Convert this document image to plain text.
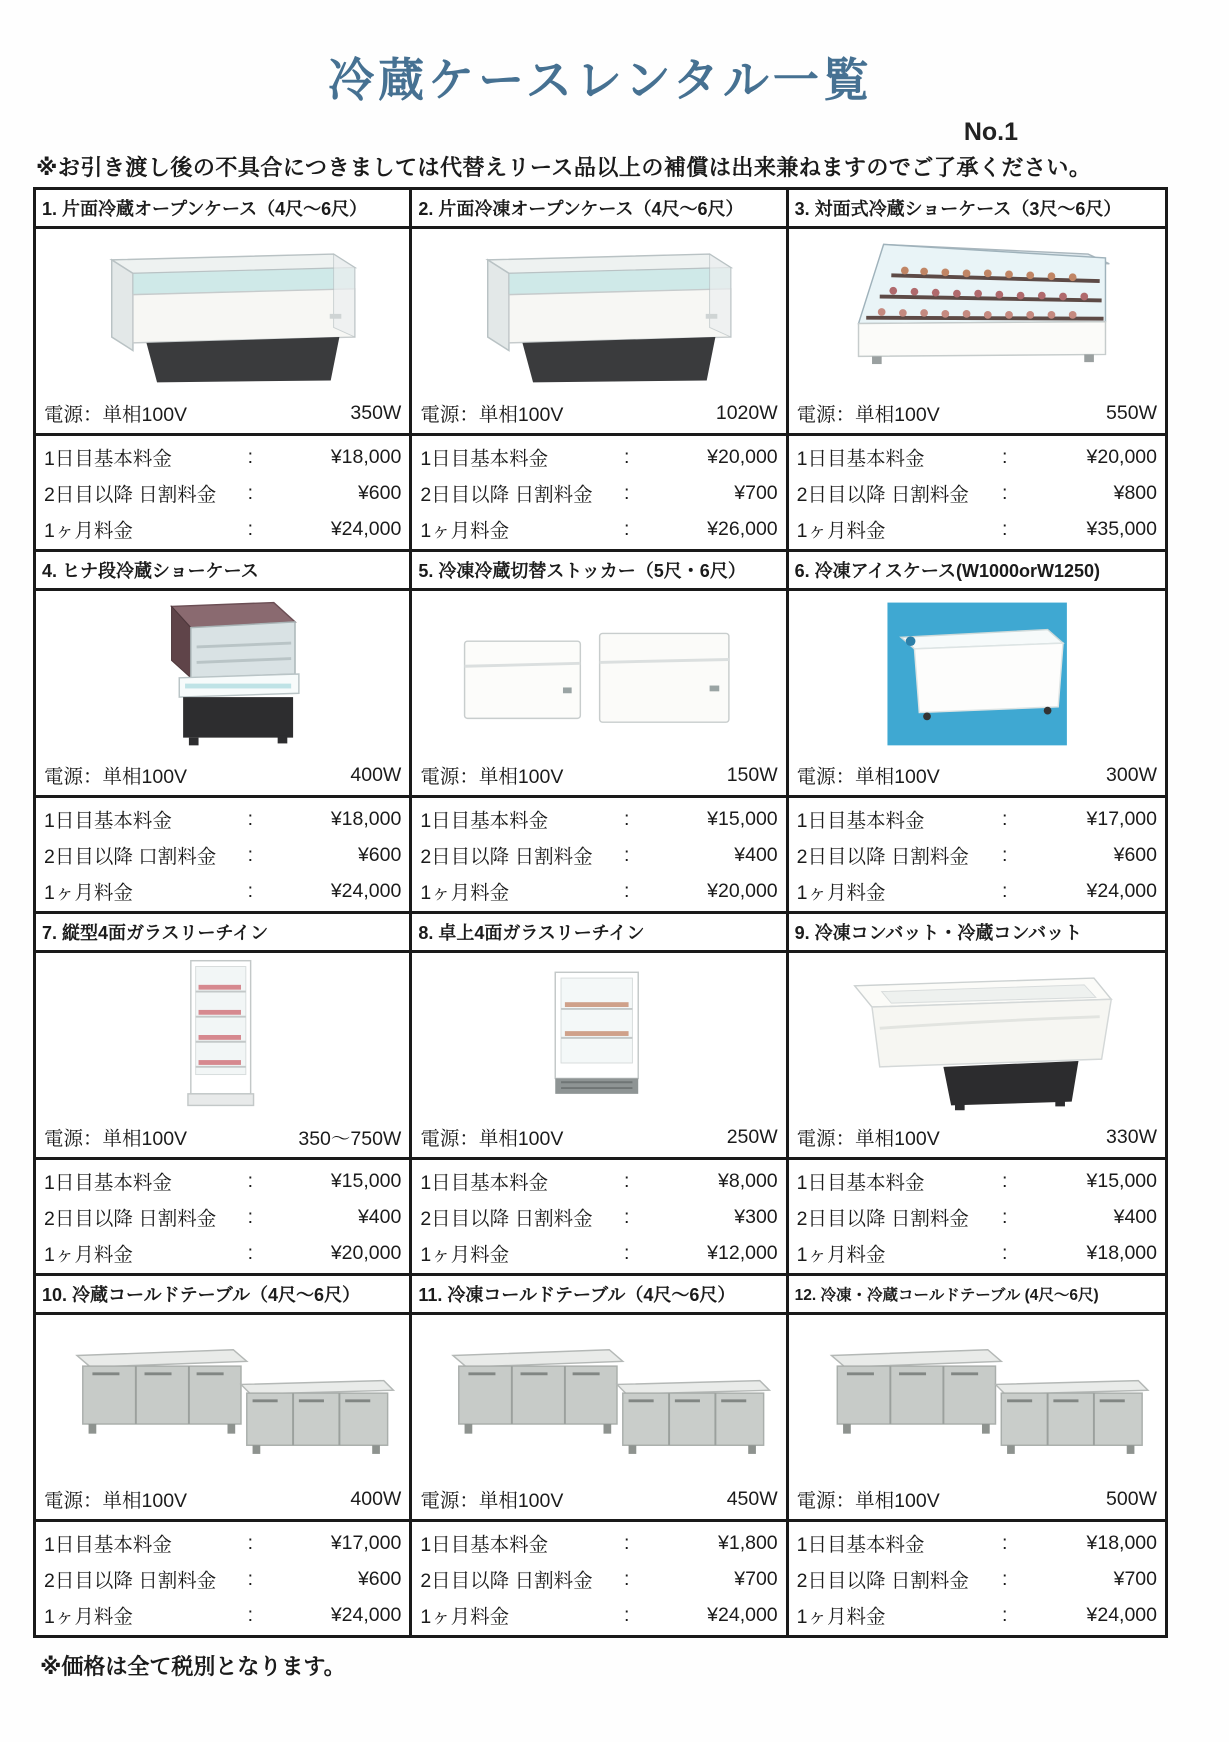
冷蔵ケースレンタル一覧
No.1
※お引き渡し後の不具合につきましては代替えリース品以上の補償は出来兼ねますのでご了承ください。
1. 片面冷蔵オープンケース（4尺～6尺）
電源：単相100V	350W
1日目基本料金	:	¥18,000
2日目以降 日割料金	:	¥600
1ヶ月料金	:	¥24,000
2. 片面冷凍オープンケース（4尺～6尺）
電源：単相100V	1020W
1日目基本料金	:	¥20,000
2日目以降 日割料金	:	¥700
1ヶ月料金	:	¥26,000
3. 対面式冷蔵ショーケース（3尺～6尺）
電源：単相100V	550W
1日目基本料金	:	¥20,000
2日目以降 日割料金	:	¥800
1ヶ月料金	:	¥35,000
4. ヒナ段冷蔵ショーケース
電源：単相100V	400W
1日目基本料金	:	¥18,000
2日目以降 口割料金	:	¥600
1ヶ月料金	:	¥24,000
5. 冷凍冷蔵切替ストッカー（5尺・6尺）
電源：単相100V	150W
1日目基本料金	:	¥15,000
2日目以降 日割料金	:	¥400
1ヶ月料金	:	¥20,000
6. 冷凍アイスケース(W1000orW1250)
電源：単相100V	300W
1日目基本料金	:	¥17,000
2日目以降 日割料金	:	¥600
1ヶ月料金	:	¥24,000
7. 縦型4面ガラスリーチイン
電源：単相100V	350～750W
1日目基本料金	:	¥15,000
2日目以降 日割料金	:	¥400
1ヶ月料金	:	¥20,000
8. 卓上4面ガラスリーチイン
電源：単相100V	250W
1日目基本料金	:	¥8,000
2日目以降 日割料金	:	¥300
1ヶ月料金	:	¥12,000
9. 冷凍コンバット・冷蔵コンバット
電源：単相100V	330W
1日目基本料金	:	¥15,000
2日目以降 日割料金	:	¥400
1ヶ月料金	:	¥18,000
10. 冷蔵コールドテーブル（4尺～6尺）
電源：単相100V	400W
1日目基本料金	:	¥17,000
2日目以降 日割料金	:	¥600
1ヶ月料金	:	¥24,000
11. 冷凍コールドテーブル（4尺～6尺）
電源：単相100V	450W
1日目基本料金	:	¥1,800
2日目以降 日割料金	:	¥700
1ヶ月料金	:	¥24,000
12. 冷凍・冷蔵コールドテーブル (4尺～6尺)
電源：単相100V	500W
1日目基本料金	:	¥18,000
2日目以降 日割料金	:	¥700
1ヶ月料金	:	¥24,000
※価格は全て税別となります。
